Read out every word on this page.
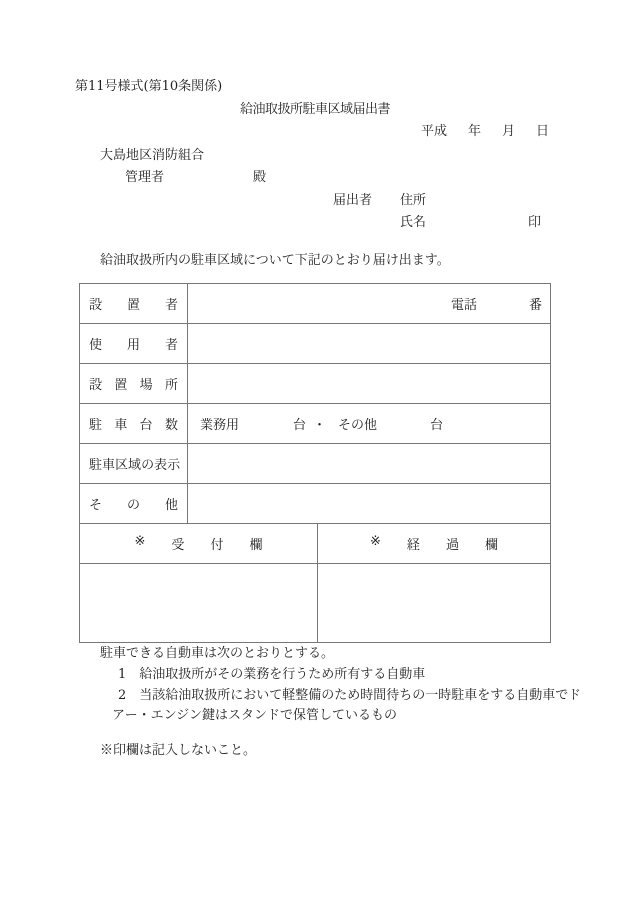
第11号様式(第10条関係)
給油取扱所駐車区域届出書
平成 年 月 日
大島地区消防組合
管理者	殿
届出者 住所
氏名	印
給油取扱所内の駐車区域について下記のとおり届け出ます。
設 置 者	電話	番
使 用 者
設 置 場 所
駐 車 台 数 業務用	台 ・ その他	台
駐 車 区 域 の 表 示
そ の 他
※ 受 付 欄	※ 経 過 欄
駐車できる自動車は次のとおりとする。
1　給油取扱所がその業務を行うため所有する自動車
2　当該給油取扱所において軽整備のため時間待ちの一時駐車をする自動車でド
アー・エンジン鍵はスタンドで保管しているもの
※印欄は記入しないこと。
